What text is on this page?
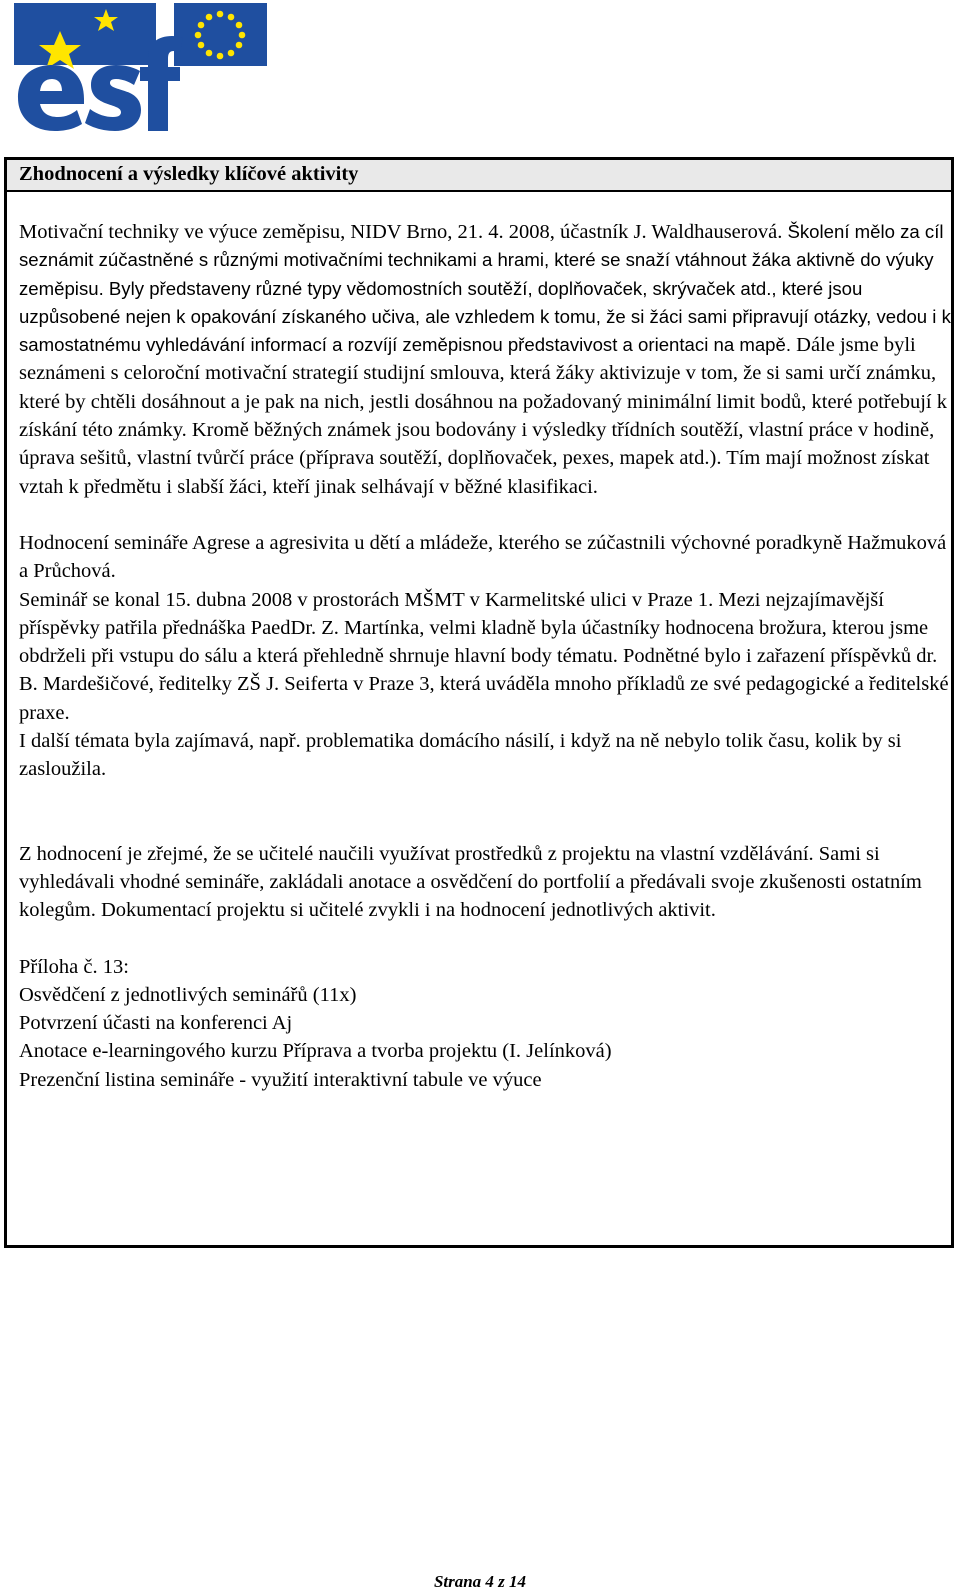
Zhodnocení a výsledky klíčové aktivity

Motivační techniky ve výuce zeměpisu, NIDV Brno, 21. 4. 2008, účastník J. Waldhauserová. Školení mělo za cíl seznámit zúčastněné s různými motivačními technikami a hrami, které se snaží vtáhnout žáka aktivně do výuky zeměpisu. Byly představeny různé typy vědomostních soutěží, doplňovaček, skrývaček atd., které jsou uzpůsobené nejen k opakování získaného učiva, ale vzhledem k tomu, že si žáci sami připravují otázky, vedou i k samostatnému vyhledávání informací a rozvíjí zeměpisnou představivost a orientaci na mapě. Dále jsme byli seznámeni s celoroční motivační strategií studijní smlouva, která žáky aktivizuje v tom, že si sami určí známku, které by chtěli dosáhnout a je pak na nich, jestli dosáhnou na požadovaný minimální limit bodů, které potřebují k získání této známky. Kromě běžných známek jsou bodovány i výsledky třídních soutěží, vlastní práce v hodině, úprava sešitů, vlastní tvůrčí práce (příprava soutěží, doplňovaček, pexes, mapek atd.). Tím mají možnost získat vztah k předmětu i slabší žáci, kteří jinak selhávají v běžné klasifikaci.

Hodnocení semináře Agrese a agresivita u dětí a mládeže, kterého se zúčastnili výchovné poradkyně Hažmuková a Průchová.

Seminář se konal 15. dubna 2008 v prostorách MŠMT v Karmelitské ulici v Praze 1. Mezi nejzajímavější příspěvky patřila přednáška PaedDr. Z. Martínka, velmi kladně byla účastníky hodnocena brožura, kterou jsme obdrželi při vstupu do sálu a která přehledně shrnuje hlavní body tématu. Podnětné bylo i zařazení příspěvků dr. B. Mardešičové, ředitelky ZŠ J. Seiferta v Praze 3, která uváděla mnoho příkladů ze své pedagogické a ředitelské praxe.

I další témata byla zajímavá, např. problematika domácího násilí, i když na ně nebylo tolik času, kolik by si zasloužila.

Z hodnocení je zřejmé, že se učitelé naučili využívat prostředků z projektu na vlastní vzdělávání. Sami si vyhledávali vhodné semináře, zakládali anotace a osvědčení do portfolií a předávali svoje zkušenosti ostatním kolegům. Dokumentací projektu si učitelé zvykli i na hodnocení jednotlivých aktivit.

Příloha č. 13:

Osvědčení z jednotlivých seminářů (11x)

Potvrzení účasti na konferenci Aj

Anotace e-learningového kurzu Příprava a tvorba projektu (I. Jelínková)

Prezenční listina semináře - využití interaktivní tabule ve výuce

Strana 4 z 14
